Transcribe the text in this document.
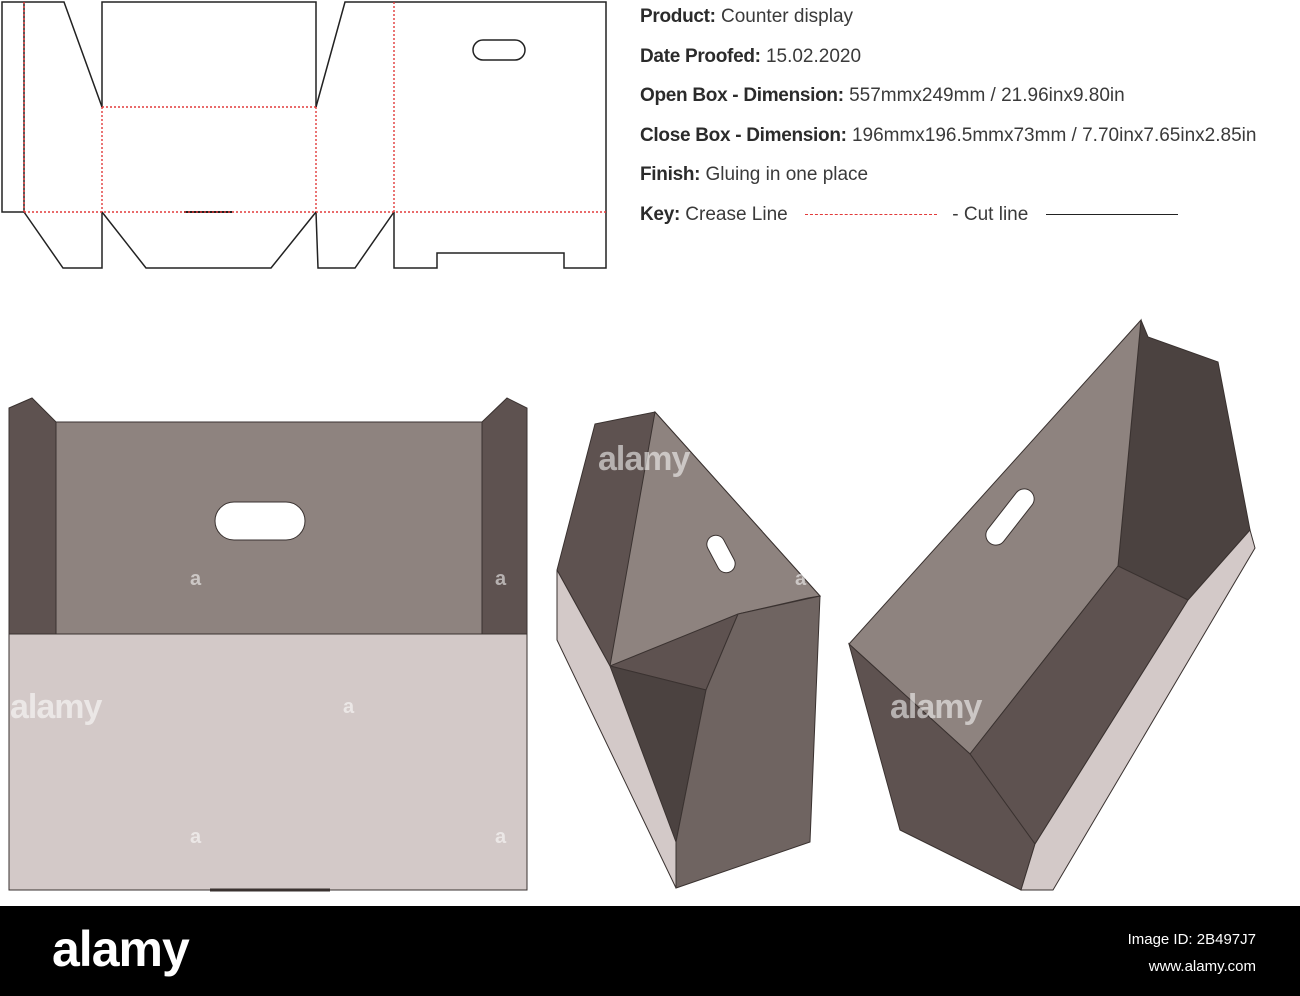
Product: Counter display
Date Proofed: 15.02.2020
Open Box - Dimension: 557mmx249mm / 21.96inx9.80in
Close Box - Dimension: 196mmx196.5mmx73mm / 7.70inx7.65inx2.85in
Finish: Gluing in one place
Key: Crease Line	- Cut line
alamy
alamy	alamy
a	a	a
a
a	a	a
alamy	Image ID: 2B497J7
www.alamy.com
